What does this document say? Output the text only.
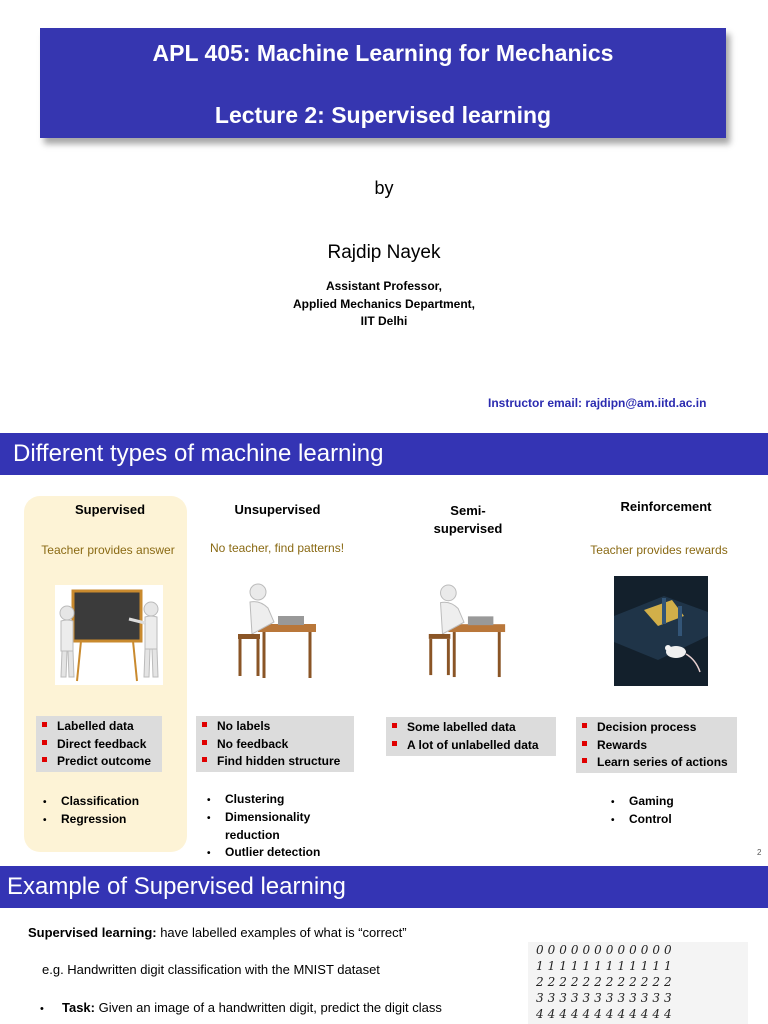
APL 405: Machine Learning for Mechanics
Lecture 2: Supervised learning
by
Rajdip Nayek
Assistant Professor,
Applied Mechanics Department,
IIT Delhi
Instructor email: rajdipn@am.iitd.ac.in
Different types of machine learning
Supervised
Teacher provides answer
Labelled data
Direct feedback
Predict outcome
• Classification
• Regression
Unsupervised
No teacher, find patterns!
No labels
No feedback
Find hidden structure
• Clustering
• Dimensionality
reduction
• Outlier detection
Semi-
supervised
Some labelled data
A lot of unlabelled data
Reinforcement
Teacher provides rewards
Decision process
Rewards
Learn series of actions
• Gaming
• Control
2
Example of Supervised learning
Supervised learning: have labelled examples of what is “correct”
e.g. Handwritten digit classification with the MNIST dataset
• Task: Given an image of a handwritten digit, predict the digit class
000000000000
111111111111
222222222222
333333333333
444444444444
